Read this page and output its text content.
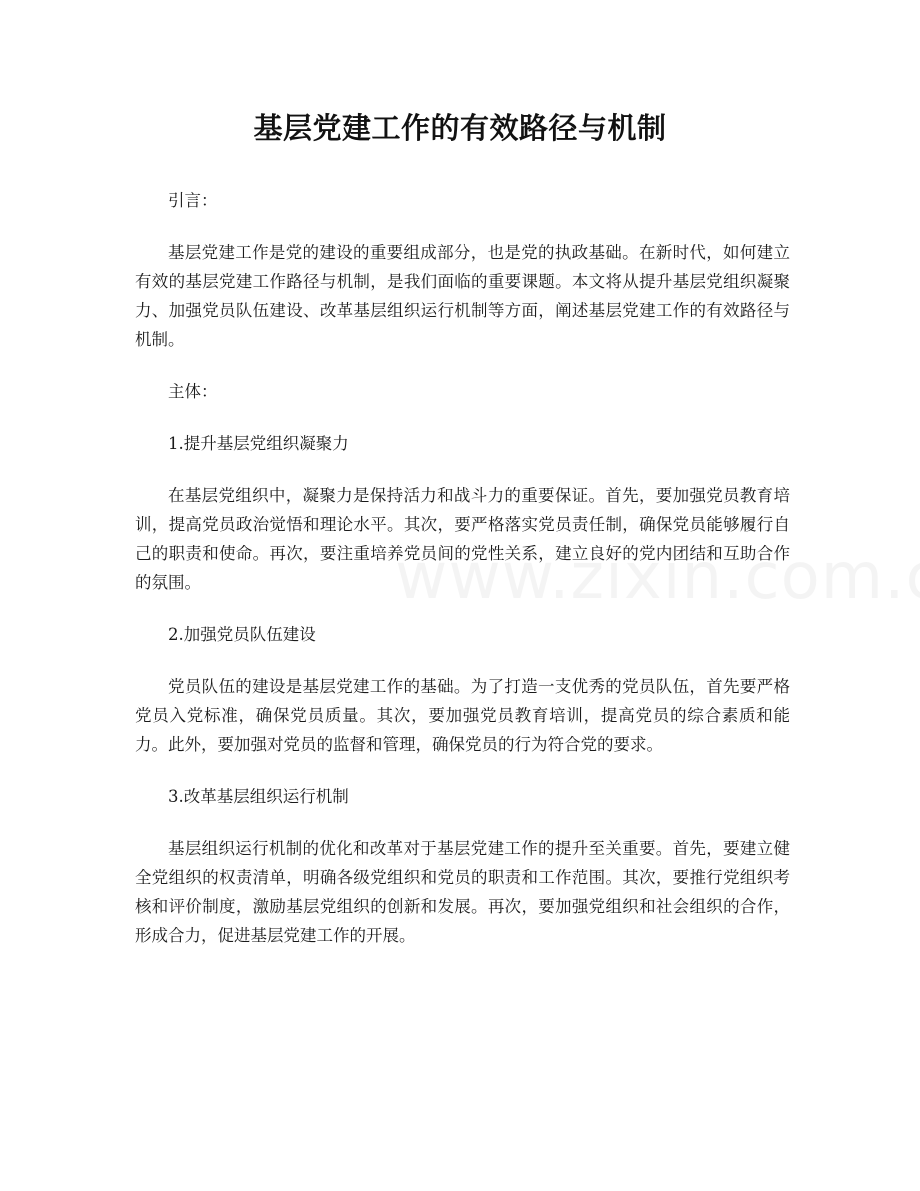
基层党建工作的有效路径与机制

引言：

基层党建工作是党的建设的重要组成部分，也是党的执政基础。在新时代，如何建立有效的基层党建工作路径与机制，是我们面临的重要课题。本文将从提升基层党组织凝聚力、加强党员队伍建设、改革基层组织运行机制等方面，阐述基层党建工作的有效路径与机制。

主体：

1.提升基层党组织凝聚力

在基层党组织中，凝聚力是保持活力和战斗力的重要保证。首先，要加强党员教育培训，提高党员政治觉悟和理论水平。其次，要严格落实党员责任制，确保党员能够履行自己的职责和使命。再次，要注重培养党员间的党性关系，建立良好的党内团结和互助合作的氛围。

2.加强党员队伍建设

党员队伍的建设是基层党建工作的基础。为了打造一支优秀的党员队伍，首先要严格党员入党标准，确保党员质量。其次，要加强党员教育培训，提高党员的综合素质和能力。此外，要加强对党员的监督和管理，确保党员的行为符合党的要求。

3.改革基层组织运行机制

基层组织运行机制的优化和改革对于基层党建工作的提升至关重要。首先，要建立健全党组织的权责清单，明确各级党组织和党员的职责和工作范围。其次，要推行党组织考核和评价制度，激励基层党组织的创新和发展。再次，要加强党组织和社会组织的合作，形成合力，促进基层党建工作的开展。
